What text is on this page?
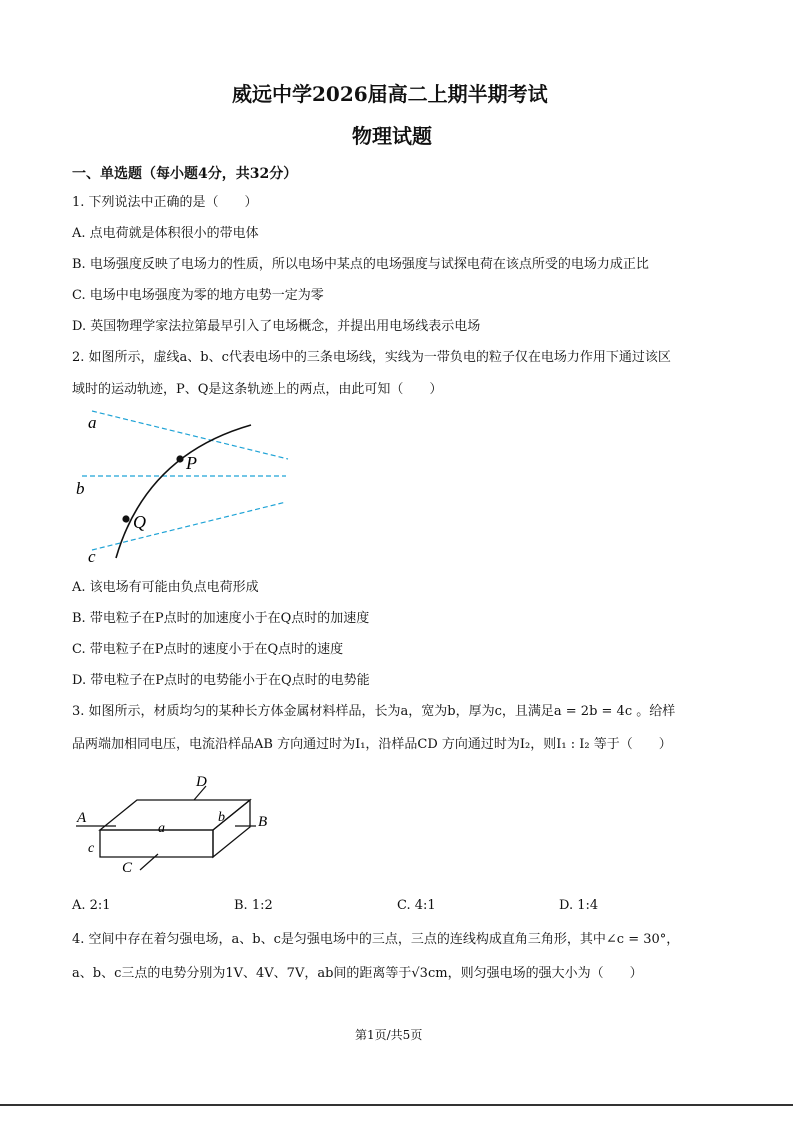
威远中学2026届高二上期半期考试
物理试题
一、单选题（每小题4分，共32分）
1. 下列说法中正确的是（　　）
A. 点电荷就是体积很小的带电体
B. 电场强度反映了电场力的性质，所以电场中某点的电场强度与试探电荷在该点所受的电场力成正比
C. 电场中电场强度为零的地方电势一定为零
D. 英国物理学家法拉第最早引入了电场概念，并提出用电场线表示电场
2. 如图所示，虚线a、b、c代表电场中的三条电场线，实线为一带负电的粒子仅在电场力作用下通过该区
域时的运动轨迹，P、Q是这条轨迹上的两点，由此可知（　　）
a
b
c
P
Q
A. 该电场有可能由负点电荷形成
B. 带电粒子在P点时的加速度小于在Q点时的加速度
C. 带电粒子在P点时的速度小于在Q点时的速度
D. 带电粒子在P点时的电势能小于在Q点时的电势能
3. 如图所示，材质均匀的某种长方体金属材料样品，长为a，宽为b，厚为c，且满足a = 2b = 4c 。给样
品两端加相同电压，电流沿样品AB 方向通过时为I₁，沿样品CD 方向通过时为I₂，则I₁ : I₂ 等于（　　）
A	B
C
D
a
b
c
A. 2:1	B. 1:2	C. 4:1	D. 1:4
4. 空间中存在着匀强电场，a、b、c是匀强电场中的三点，三点的连线构成直角三角形，其中∠c = 30°，
a、b、c三点的电势分别为1V、4V、7V，ab间的距离等于√3cm，则匀强电场的强大小为（　　）
第1页/共5页
